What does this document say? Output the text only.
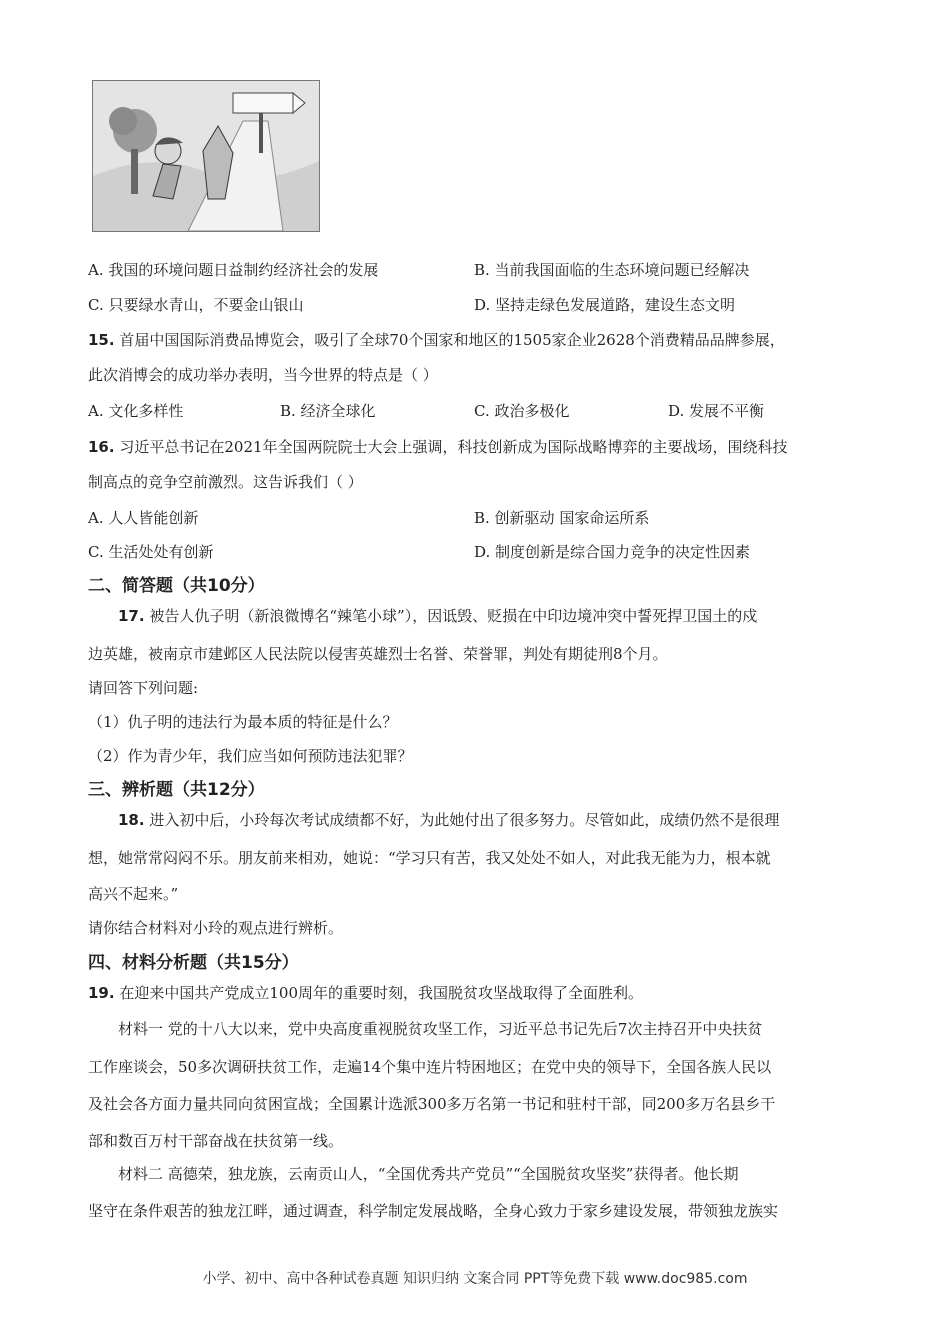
A. 我国的环境问题日益制约经济社会的发展	B. 当前我国面临的生态环境问题已经解决
C. 只要绿水青山，不要金山银山	D. 坚持走绿色发展道路，建设生态文明
15. 首届中国国际消费品博览会，吸引了全球70个国家和地区的1505家企业2628个消费精品品牌参展，
此次消博会的成功举办表明，当今世界的特点是（ ）
A. 文化多样性	B. 经济全球化	C. 政治多极化	D. 发展不平衡
16. 习近平总书记在2021年全国两院院士大会上强调，科技创新成为国际战略博弈的主要战场，围绕科技
制高点的竞争空前激烈。这告诉我们（ ）
A. 人人皆能创新	B. 创新驱动 国家命运所系
C. 生活处处有创新	D. 制度创新是综合国力竞争的决定性因素
二、简答题（共10分）
17. 被告人仇子明（新浪微博名“辣笔小球”），因诋毁、贬损在中印边境冲突中誓死捍卫国土的戍
边英雄，被南京市建邺区人民法院以侵害英雄烈士名誉、荣誉罪，判处有期徒刑8个月。
请回答下列问题:
（1）仇子明的违法行为最本质的特征是什么？
（2）作为青少年，我们应当如何预防违法犯罪？
三、辨析题（共12分）
18. 进入初中后，小玲每次考试成绩都不好，为此她付出了很多努力。尽管如此，成绩仍然不是很理
想，她常常闷闷不乐。朋友前来相劝，她说：“学习只有苦，我又处处不如人，对此我无能为力，根本就
高兴不起来。”
请你结合材料对小玲的观点进行辨析。
四、材料分析题（共15分）
19. 在迎来中国共产党成立100周年的重要时刻，我国脱贫攻坚战取得了全面胜利。
材料一 党的十八大以来，党中央高度重视脱贫攻坚工作，习近平总书记先后7次主持召开中央扶贫
工作座谈会，50多次调研扶贫工作，走遍14个集中连片特困地区；在党中央的领导下，全国各族人民以
及社会各方面力量共同向贫困宣战；全国累计选派300多万名第一书记和驻村干部，同200多万名县乡干
部和数百万村干部奋战在扶贫第一线。
材料二 高德荣，独龙族，云南贡山人，“全国优秀共产党员”“全国脱贫攻坚奖”获得者。他长期
坚守在条件艰苦的独龙江畔，通过调查，科学制定发展战略，全身心致力于家乡建设发展，带领独龙族实
小学、初中、高中各种试卷真题 知识归纳 文案合同 PPT等免费下载 www.doc985.com
